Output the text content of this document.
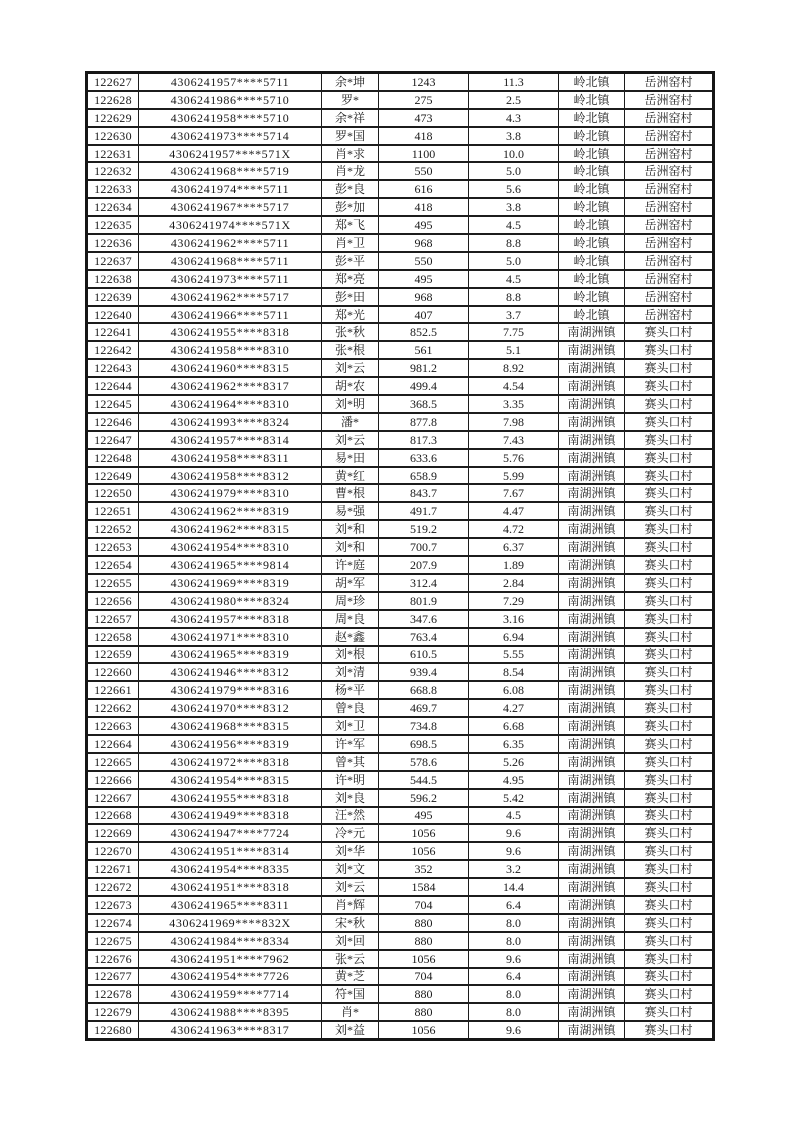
122627	4306241957****5711	余*坤	1243	11.3	岭北镇	岳洲窑村
122628	4306241986****5710	罗*	275	2.5	岭北镇	岳洲窑村
122629	4306241958****5710	余*祥	473	4.3	岭北镇	岳洲窑村
122630	4306241973****5714	罗*国	418	3.8	岭北镇	岳洲窑村
122631	4306241957****571X	肖*求	1100	10.0	岭北镇	岳洲窑村
122632	4306241968****5719	肖*龙	550	5.0	岭北镇	岳洲窑村
122633	4306241974****5711	彭*良	616	5.6	岭北镇	岳洲窑村
122634	4306241967****5717	彭*加	418	3.8	岭北镇	岳洲窑村
122635	4306241974****571X	郑*飞	495	4.5	岭北镇	岳洲窑村
122636	4306241962****5711	肖*卫	968	8.8	岭北镇	岳洲窑村
122637	4306241968****5711	彭*平	550	5.0	岭北镇	岳洲窑村
122638	4306241973****5711	郑*亮	495	4.5	岭北镇	岳洲窑村
122639	4306241962****5717	彭*田	968	8.8	岭北镇	岳洲窑村
122640	4306241966****5711	郑*光	407	3.7	岭北镇	岳洲窑村
122641	4306241955****8318	张*秋	852.5	7.75	南湖洲镇	赛头口村
122642	4306241958****8310	张*根	561	5.1	南湖洲镇	赛头口村
122643	4306241960****8315	刘*云	981.2	8.92	南湖洲镇	赛头口村
122644	4306241962****8317	胡*农	499.4	4.54	南湖洲镇	赛头口村
122645	4306241964****8310	刘*明	368.5	3.35	南湖洲镇	赛头口村
122646	4306241993****8324	潘*	877.8	7.98	南湖洲镇	赛头口村
122647	4306241957****8314	刘*云	817.3	7.43	南湖洲镇	赛头口村
122648	4306241958****8311	易*田	633.6	5.76	南湖洲镇	赛头口村
122649	4306241958****8312	黄*红	658.9	5.99	南湖洲镇	赛头口村
122650	4306241979****8310	曹*根	843.7	7.67	南湖洲镇	赛头口村
122651	4306241962****8319	易*强	491.7	4.47	南湖洲镇	赛头口村
122652	4306241962****8315	刘*和	519.2	4.72	南湖洲镇	赛头口村
122653	4306241954****8310	刘*和	700.7	6.37	南湖洲镇	赛头口村
122654	4306241965****9814	许*庭	207.9	1.89	南湖洲镇	赛头口村
122655	4306241969****8319	胡*军	312.4	2.84	南湖洲镇	赛头口村
122656	4306241980****8324	周*珍	801.9	7.29	南湖洲镇	赛头口村
122657	4306241957****8318	周*良	347.6	3.16	南湖洲镇	赛头口村
122658	4306241971****8310	赵*鑫	763.4	6.94	南湖洲镇	赛头口村
122659	4306241965****8319	刘*根	610.5	5.55	南湖洲镇	赛头口村
122660	4306241946****8312	刘*清	939.4	8.54	南湖洲镇	赛头口村
122661	4306241979****8316	杨*平	668.8	6.08	南湖洲镇	赛头口村
122662	4306241970****8312	曾*良	469.7	4.27	南湖洲镇	赛头口村
122663	4306241968****8315	刘*卫	734.8	6.68	南湖洲镇	赛头口村
122664	4306241956****8319	许*军	698.5	6.35	南湖洲镇	赛头口村
122665	4306241972****8318	曾*其	578.6	5.26	南湖洲镇	赛头口村
122666	4306241954****8315	许*明	544.5	4.95	南湖洲镇	赛头口村
122667	4306241955****8318	刘*良	596.2	5.42	南湖洲镇	赛头口村
122668	4306241949****8318	汪*然	495	4.5	南湖洲镇	赛头口村
122669	4306241947****7724	冷*元	1056	9.6	南湖洲镇	赛头口村
122670	4306241951****8314	刘*华	1056	9.6	南湖洲镇	赛头口村
122671	4306241954****8335	刘*文	352	3.2	南湖洲镇	赛头口村
122672	4306241951****8318	刘*云	1584	14.4	南湖洲镇	赛头口村
122673	4306241965****8311	肖*辉	704	6.4	南湖洲镇	赛头口村
122674	4306241969****832X	宋*秋	880	8.0	南湖洲镇	赛头口村
122675	4306241984****8334	刘*回	880	8.0	南湖洲镇	赛头口村
122676	4306241951****7962	张*云	1056	9.6	南湖洲镇	赛头口村
122677	4306241954****7726	黄*芝	704	6.4	南湖洲镇	赛头口村
122678	4306241959****7714	符*国	880	8.0	南湖洲镇	赛头口村
122679	4306241988****8395	肖*	880	8.0	南湖洲镇	赛头口村
122680	4306241963****8317	刘*益	1056	9.6	南湖洲镇	赛头口村
